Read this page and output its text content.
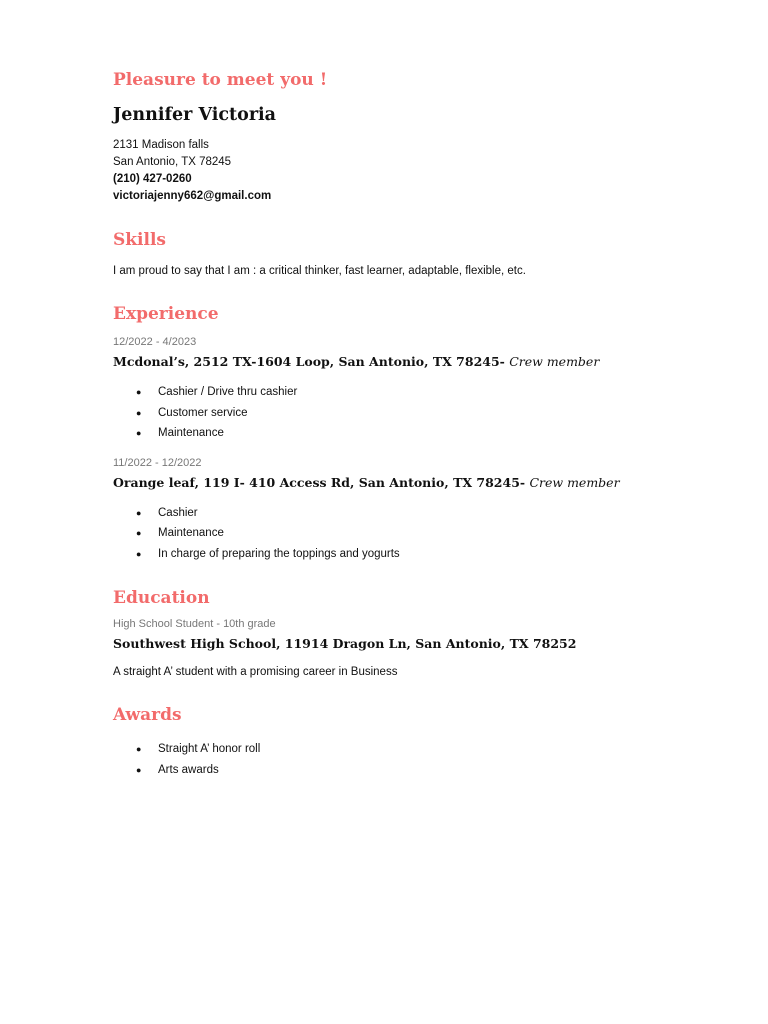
Pleasure to meet you !
Jennifer Victoria
2131 Madison falls
San Antonio, TX 78245
(210) 427-0260
victoriajenny662@gmail.com
Skills
I am proud to say that I am : a critical thinker, fast learner, adaptable, flexible, etc.
Experience
12/2022 - 4/2023
Mcdonal’s, 2512 TX-1604 Loop, San Antonio, TX 78245- Crew member
● Cashier / Drive thru cashier
● Customer service
● Maintenance
11/2022 - 12/2022
Orange leaf, 119 I- 410 Access Rd, San Antonio, TX 78245- Crew member
● Cashier
● Maintenance
● In charge of preparing the toppings and yogurts
Education
High School Student - 10th grade
Southwest High School, 11914 Dragon Ln, San Antonio, TX 78252
A straight A’ student with a promising career in Business
Awards
● Straight A’ honor roll
● Arts awards
